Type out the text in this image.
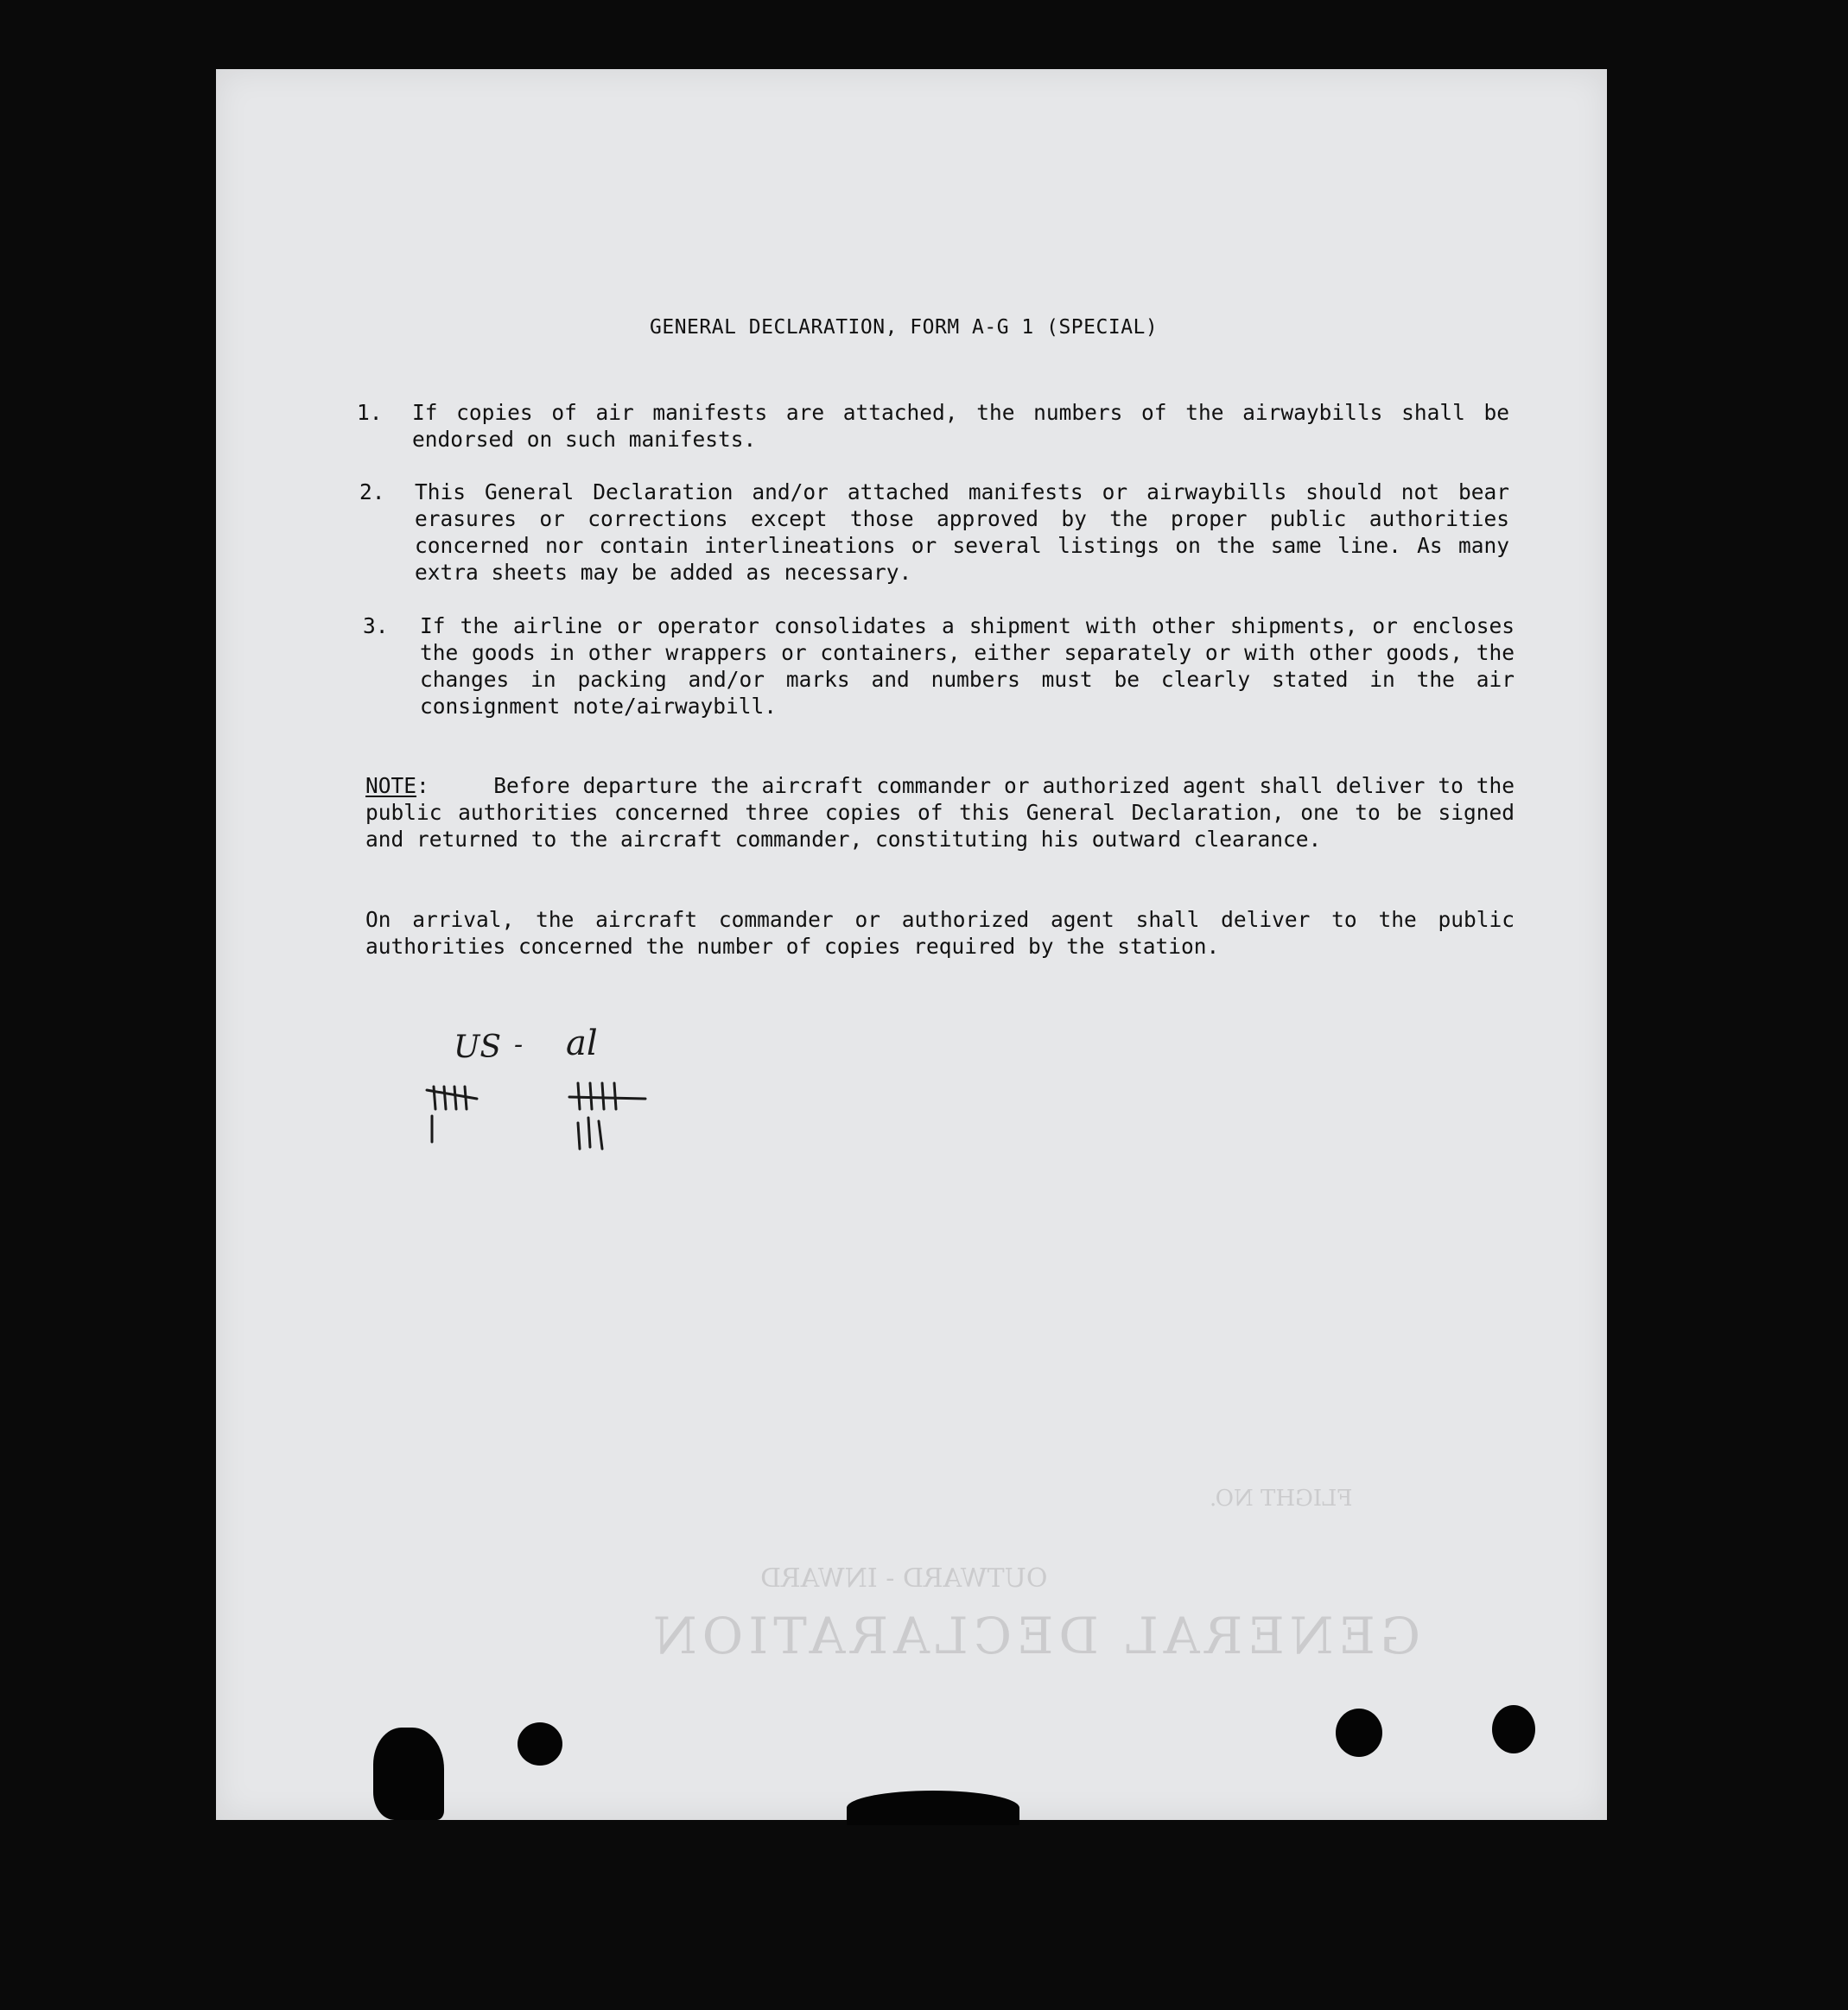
GENERAL DECLARATION
OUTWARD - INWARD
FLIGHT NO.
GENERAL DECLARATION, FORM A-G 1 (SPECIAL)
1. If copies of air manifests are attached, the numbers of the airwaybills shall be endorsed on such manifests.
2. This General Declaration and/or attached manifests or airwaybills should not bear erasures or corrections except those approved by the proper public authorities concerned nor contain interlineations or several listings on the same line. As many extra sheets may be added as necessary.
3. If the airline or operator consolidates a shipment with other shipments, or encloses the goods in other wrappers or containers, either separately or with other goods, the changes in packing and/or marks and numbers must be clearly stated in the air consignment note/airwaybill.
NOTE:     Before departure the aircraft commander or authorized agent shall deliver to the public authorities concerned three copies of this General Declaration, one to be signed and returned to the aircraft commander, constituting his outward clearance.
On arrival, the aircraft commander or authorized agent shall deliver to the public authorities concerned the number of copies required by the station.
US - al
